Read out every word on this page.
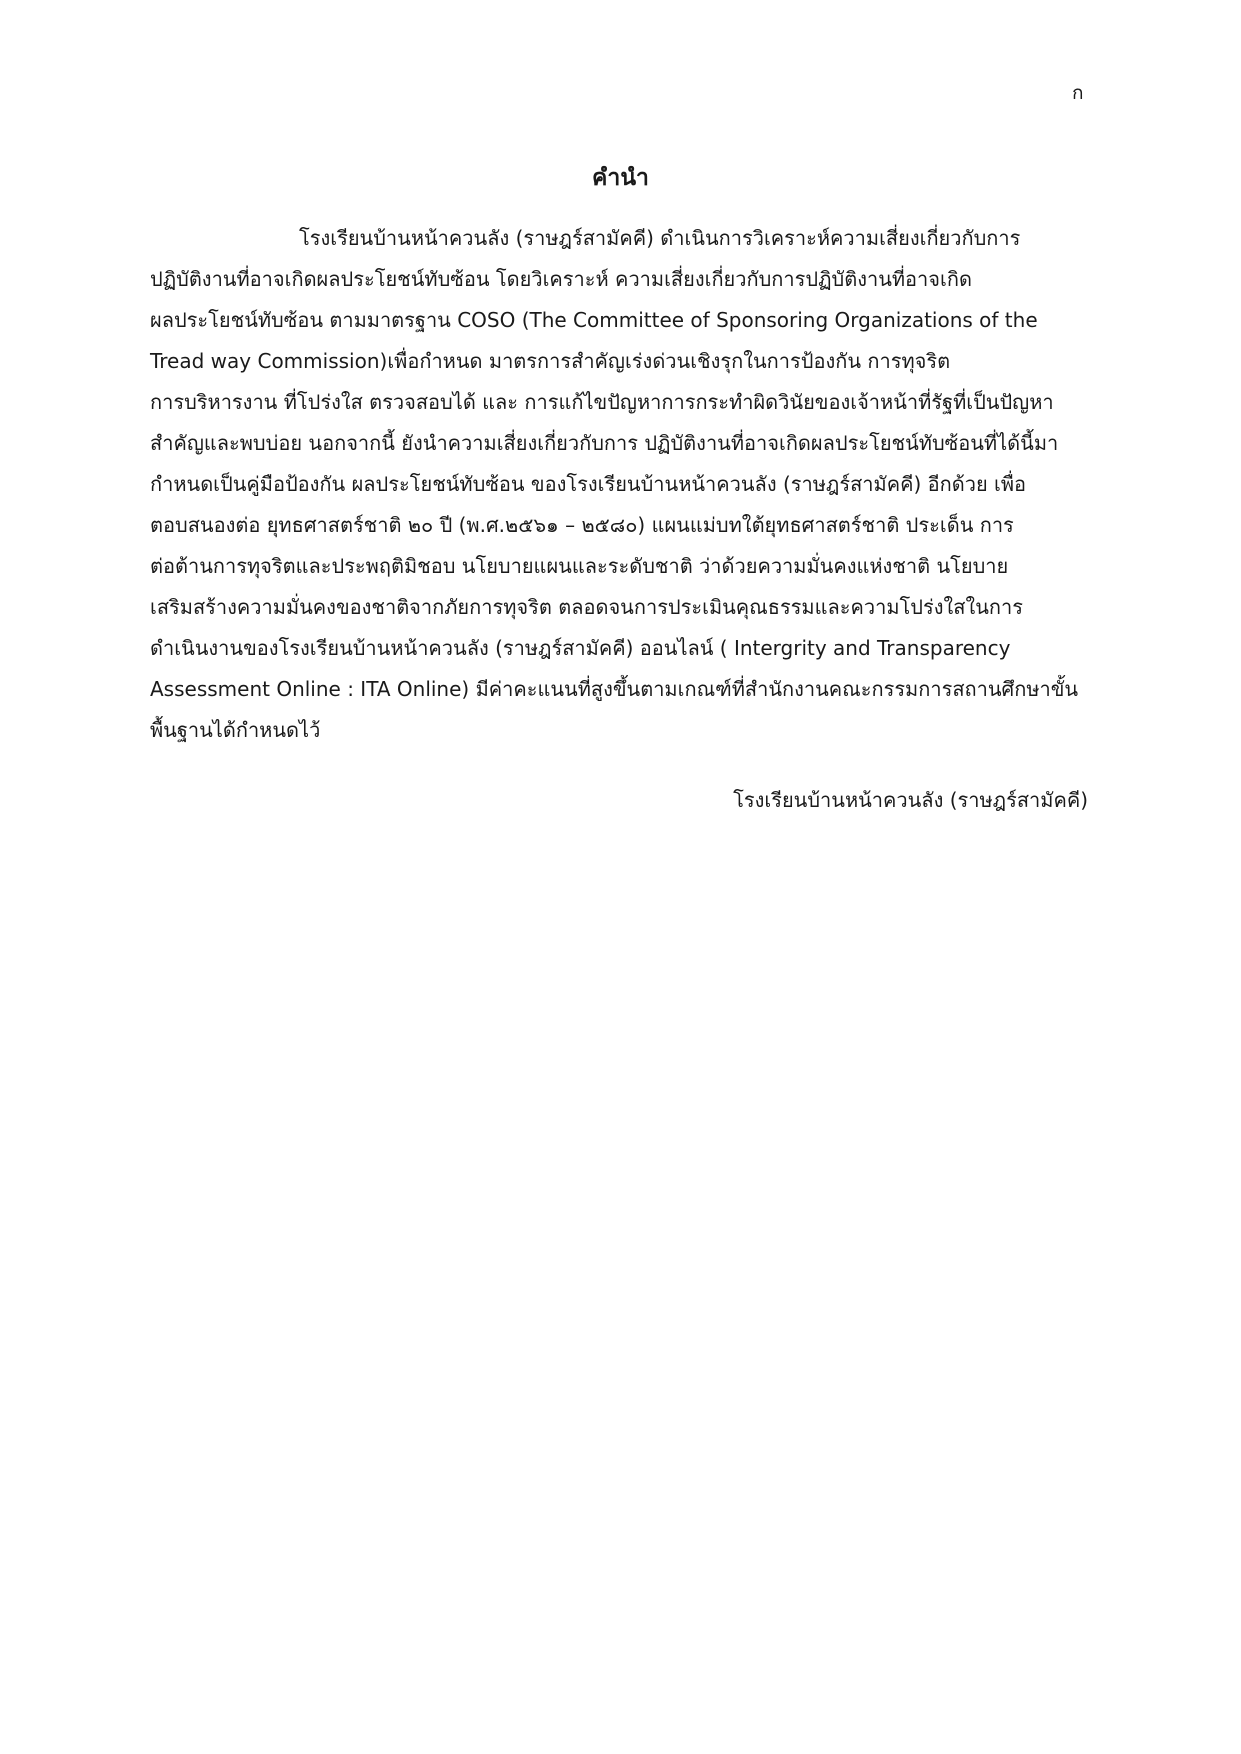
ก
คำนำ
โรงเรียนบ้านหน้าควนลัง (ราษฎร์สามัคคี) ดำเนินการวิเคราะห์ความเสี่ยงเกี่ยวกับการ
ปฏิบัติงานที่อาจเกิดผลประโยชน์ทับซ้อน โดยวิเคราะห์ ความเสี่ยงเกี่ยวกับการปฏิบัติงานที่อาจเกิด
ผลประโยชน์ทับซ้อน ตามมาตรฐาน COSO (The Committee of Sponsoring Organizations of the
Tread way Commission)เพื่อกำหนด มาตรการสำคัญเร่งด่วนเชิงรุกในการป้องกัน การทุจริต
การบริหารงาน ที่โปร่งใส ตรวจสอบได้ และ การแก้ไขปัญหาการกระทำผิดวินัยของเจ้าหน้าที่รัฐที่เป็นปัญหา
สำคัญและพบบ่อย นอกจากนี้ ยังนำความเสี่ยงเกี่ยวกับการ ปฏิบัติงานที่อาจเกิดผลประโยชน์ทับซ้อนที่ได้นี้มา
กำหนดเป็นคู่มือป้องกัน ผลประโยชน์ทับซ้อน ของโรงเรียนบ้านหน้าควนลัง (ราษฎร์สามัคคี) อีกด้วย เพื่อ
ตอบสนองต่อ ยุทธศาสตร์ชาติ ๒๐ ปี (พ.ศ.๒๕๖๑ – ๒๕๘๐) แผนแม่บทใต้ยุทธศาสตร์ชาติ ประเด็น การ
ต่อต้านการทุจริตและประพฤติมิชอบ นโยบายแผนและระดับชาติ ว่าด้วยความมั่นคงแห่งชาติ นโยบาย
เสริมสร้างความมั่นคงของชาติจากภัยการทุจริต ตลอดจนการประเมินคุณธรรมและความโปร่งใสในการ
ดำเนินงานของโรงเรียนบ้านหน้าควนลัง (ราษฎร์สามัคคี) ออนไลน์ ( Intergrity and Transparency
Assessment Online : ITA Online) มีค่าคะแนนที่สูงขึ้นตามเกณฑ์ที่สำนักงานคณะกรรมการสถานศึกษาขั้น
พื้นฐานได้กำหนดไว้
โรงเรียนบ้านหน้าควนลัง (ราษฎร์สามัคคี)
